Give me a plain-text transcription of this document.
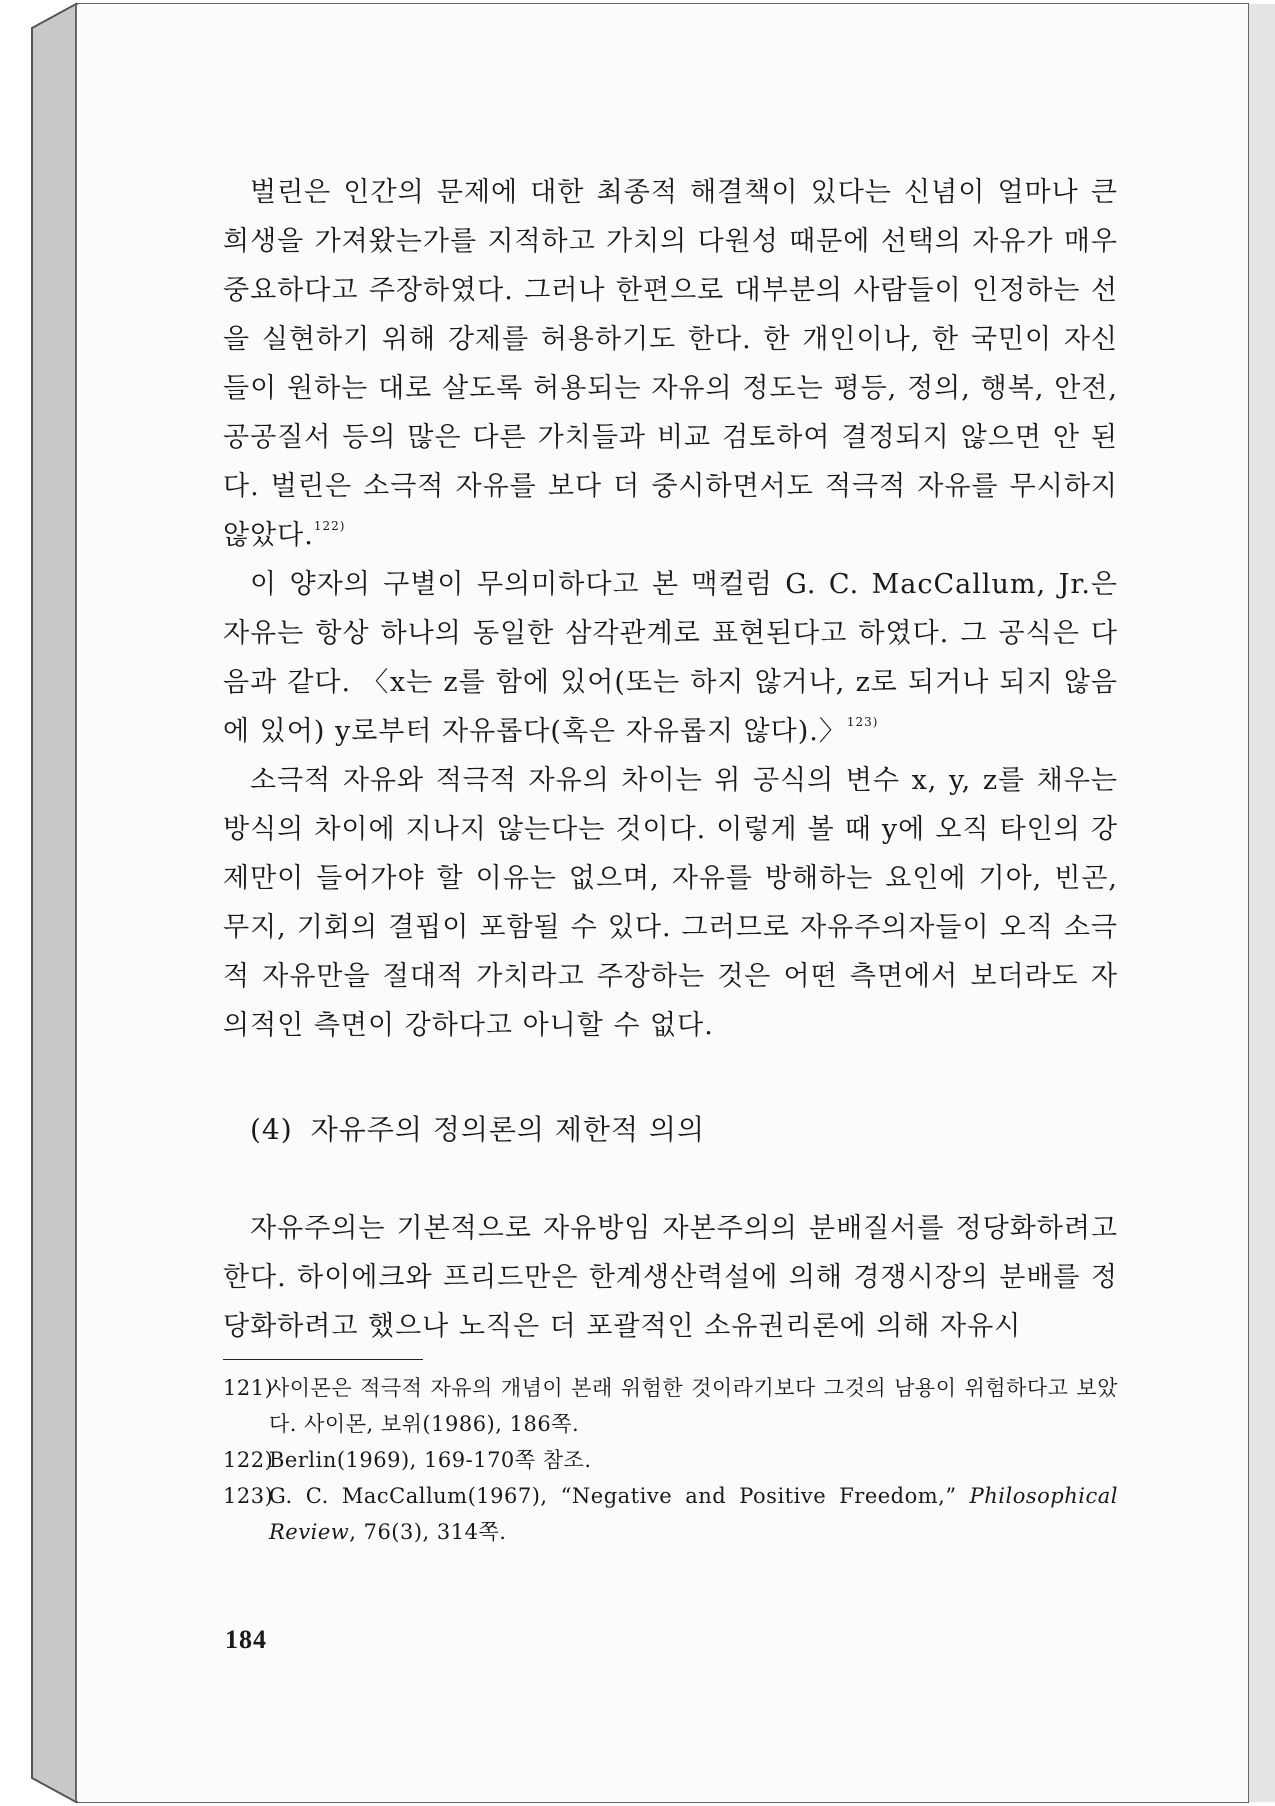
벌린은 인간의 문제에 대한 최종적 해결책이 있다는 신념이 얼마나 큰 희생을 가져왔는가를 지적하고 가치의 다원성 때문에 선택의 자유가 매우 중요하다고 주장하였다. 그러나 한편으로 대부분의 사람들이 인정하는 선을 실현하기 위해 강제를 허용하기도 한다. 한 개인이나, 한 국민이 자신들이 원하는 대로 살도록 허용되는 자유의 정도는 평등, 정의, 행복, 안전, 공공질서 등의 많은 다른 가치들과 비교 검토하여 결정되지 않으면 안 된다. 벌린은 소극적 자유를 보다 더 중시하면서도 적극적 자유를 무시하지 않았다.$^{122)}$

이 양자의 구별이 무의미하다고 본 맥컬럼 G. C. MacCallum, Jr.은 자유는 항상 하나의 동일한 삼각관계로 표현된다고 하였다. 그 공식은 다음과 같다. 〈x는 z를 함에 있어(또는 하지 않거나, z로 되거나 되지 않음에 있어) y로부터 자유롭다(혹은 자유롭지 않다).〉$^{123)}$

소극적 자유와 적극적 자유의 차이는 위 공식의 변수 x, y, z를 채우는 방식의 차이에 지나지 않는다는 것이다. 이렇게 볼 때 y에 오직 타인의 강제만이 들어가야 할 이유는 없으며, 자유를 방해하는 요인에 기아, 빈곤, 무지, 기회의 결핍이 포함될 수 있다. 그러므로 자유주의자들이 오직 소극적 자유만을 절대적 가치라고 주장하는 것은 어떤 측면에서 보더라도 자의적인 측면이 강하다고 아니할 수 없다.

(4) 자유주의 정의론의 제한적 의의

자유주의는 기본적으로 자유방임 자본주의의 분배질서를 정당화하려고 한다. 하이에크와 프리드만은 한계생산력설에 의해 경쟁시장의 분배를 정당화하려고 했으나 노직은 더 포괄적인 소유권리론에 의해 자유시

121)사이몬은 적극적 자유의 개념이 본래 위험한 것이라기보다 그것의 남용이 위험하다고 보았다. 사이몬, 보위(1986), 186쪽.

122)Berlin(1969), 169-170쪽 참조.

123)G. C. MacCallum(1967), “Negative and Positive Freedom,” Philosophical Review, 76(3), 314쪽.

184
